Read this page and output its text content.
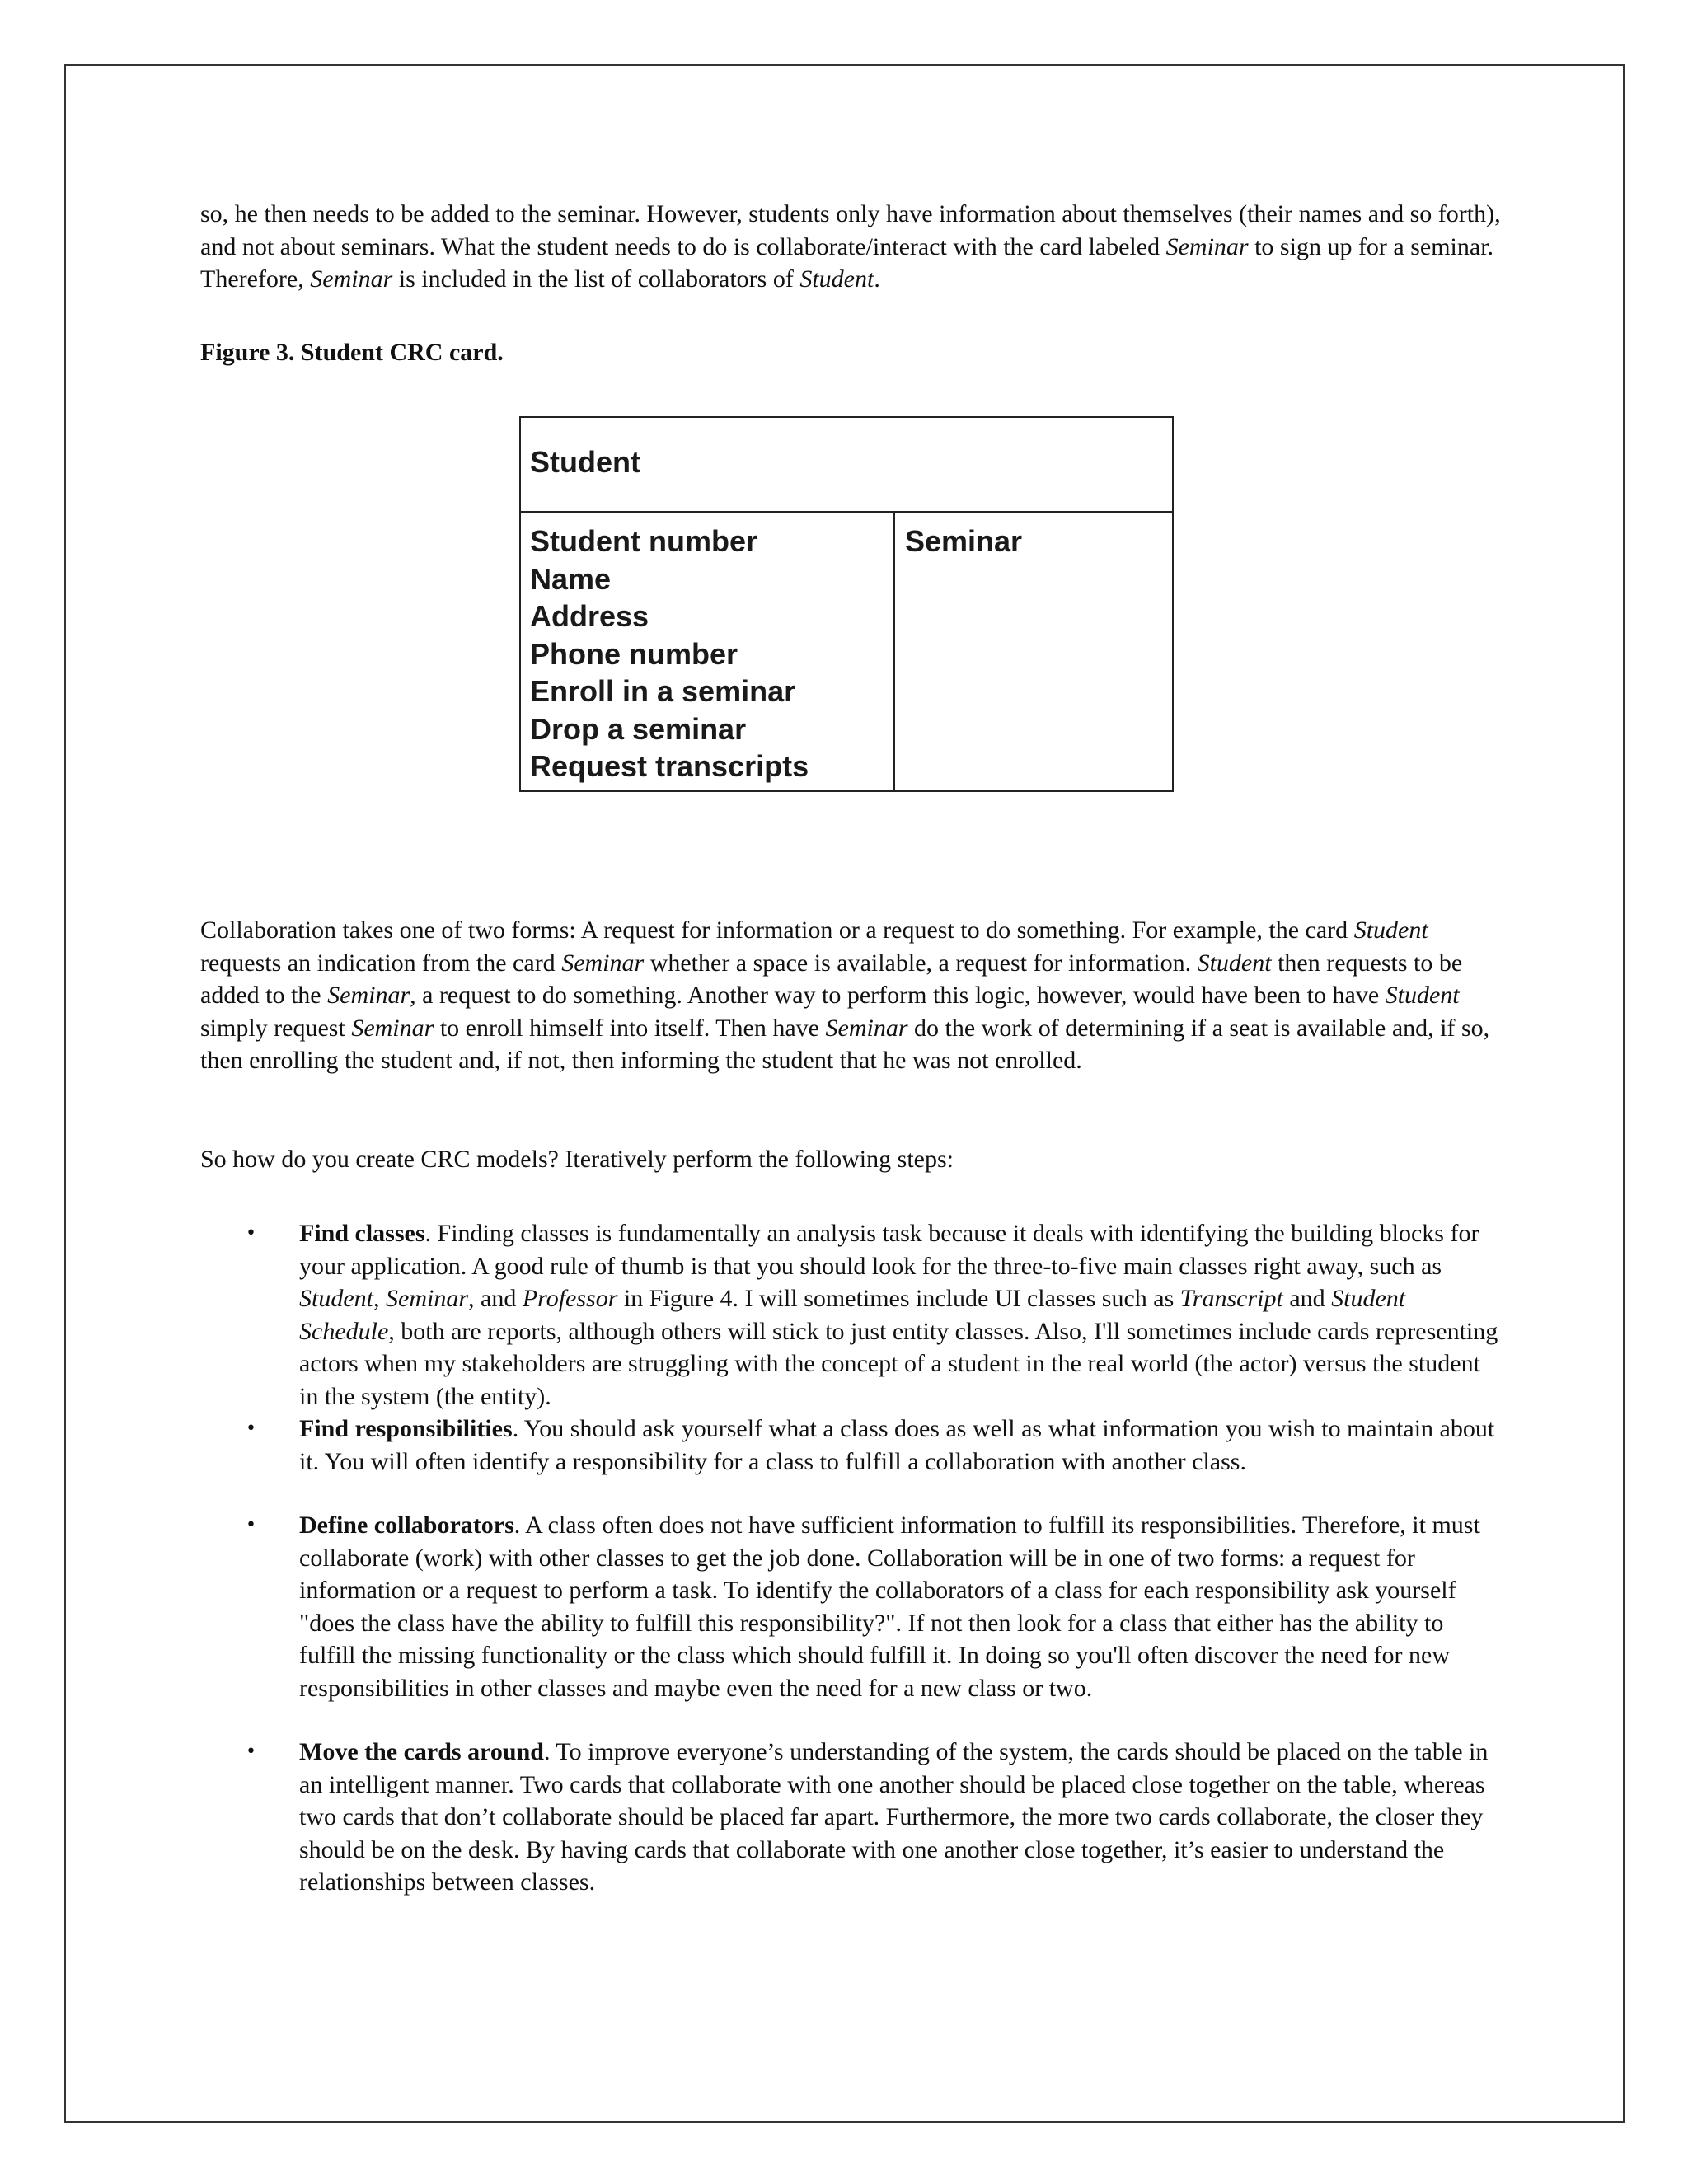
so, he then needs to be added to the seminar. However, students only have information about themselves (their names and so forth), and not about seminars. What the student needs to do is collaborate/interact with the card labeled Seminar to sign up for a seminar. Therefore, Seminar is included in the list of collaborators of Student.

Figure 3. Student CRC card.
Student
Student number
Name
Address
Phone number
Enroll in a seminar
Drop a seminar
Request transcripts
Seminar

Collaboration takes one of two forms: A request for information or a request to do something. For example, the card Student requests an indication from the card Seminar whether a space is available, a request for information. Student then requests to be added to the Seminar, a request to do something. Another way to perform this logic, however, would have been to have Student simply request Seminar to enroll himself into itself. Then have Seminar do the work of determining if a seat is available and, if so, then enrolling the student and, if not, then informing the student that he was not enrolled.

So how do you create CRC models? Iteratively perform the following steps:
• Find classes. Finding classes is fundamentally an analysis task because it deals with identifying the building blocks for your application. A good rule of thumb is that you should look for the three-to-five main classes right away, such as Student, Seminar, and Professor in Figure 4. I will sometimes include UI classes such as Transcript and Student Schedule, both are reports, although others will stick to just entity classes. Also, I'll sometimes include cards representing actors when my stakeholders are struggling with the concept of a student in the real world (the actor) versus the student in the system (the entity).
• Find responsibilities. You should ask yourself what a class does as well as what information you wish to maintain about it. You will often identify a responsibility for a class to fulfill a collaboration with another class.
• Define collaborators. A class often does not have sufficient information to fulfill its responsibilities. Therefore, it must collaborate (work) with other classes to get the job done. Collaboration will be in one of two forms: a request for information or a request to perform a task. To identify the collaborators of a class for each responsibility ask yourself "does the class have the ability to fulfill this responsibility?". If not then look for a class that either has the ability to fulfill the missing functionality or the class which should fulfill it. In doing so you'll often discover the need for new responsibilities in other classes and maybe even the need for a new class or two.
• Move the cards around. To improve everyone’s understanding of the system, the cards should be placed on the table in an intelligent manner. Two cards that collaborate with one another should be placed close together on the table, whereas two cards that don’t collaborate should be placed far apart. Furthermore, the more two cards collaborate, the closer they should be on the desk. By having cards that collaborate with one another close together, it’s easier to understand the relationships between classes.
